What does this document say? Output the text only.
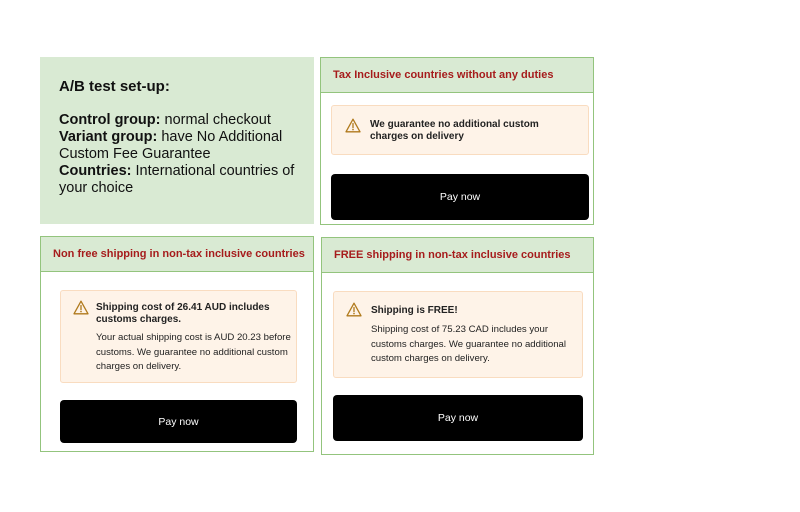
A/B test set-up:
Control group: normal checkout
Variant group: have No Additional Custom Fee Guarantee
Countries: International countries of your choice
Tax Inclusive countries without any duties
We guarantee no additional custom charges on delivery
Pay now
Non free shipping in non-tax inclusive countries
Shipping cost of 26.41 AUD includes customs charges.
Your actual shipping cost is AUD 20.23 before customs. We guarantee no additional custom charges on delivery.
Pay now
FREE shipping in non-tax inclusive countries
Shipping is FREE!
Shipping cost of 75.23 CAD includes your customs charges. We guarantee no additional custom charges on delivery.
Pay now
